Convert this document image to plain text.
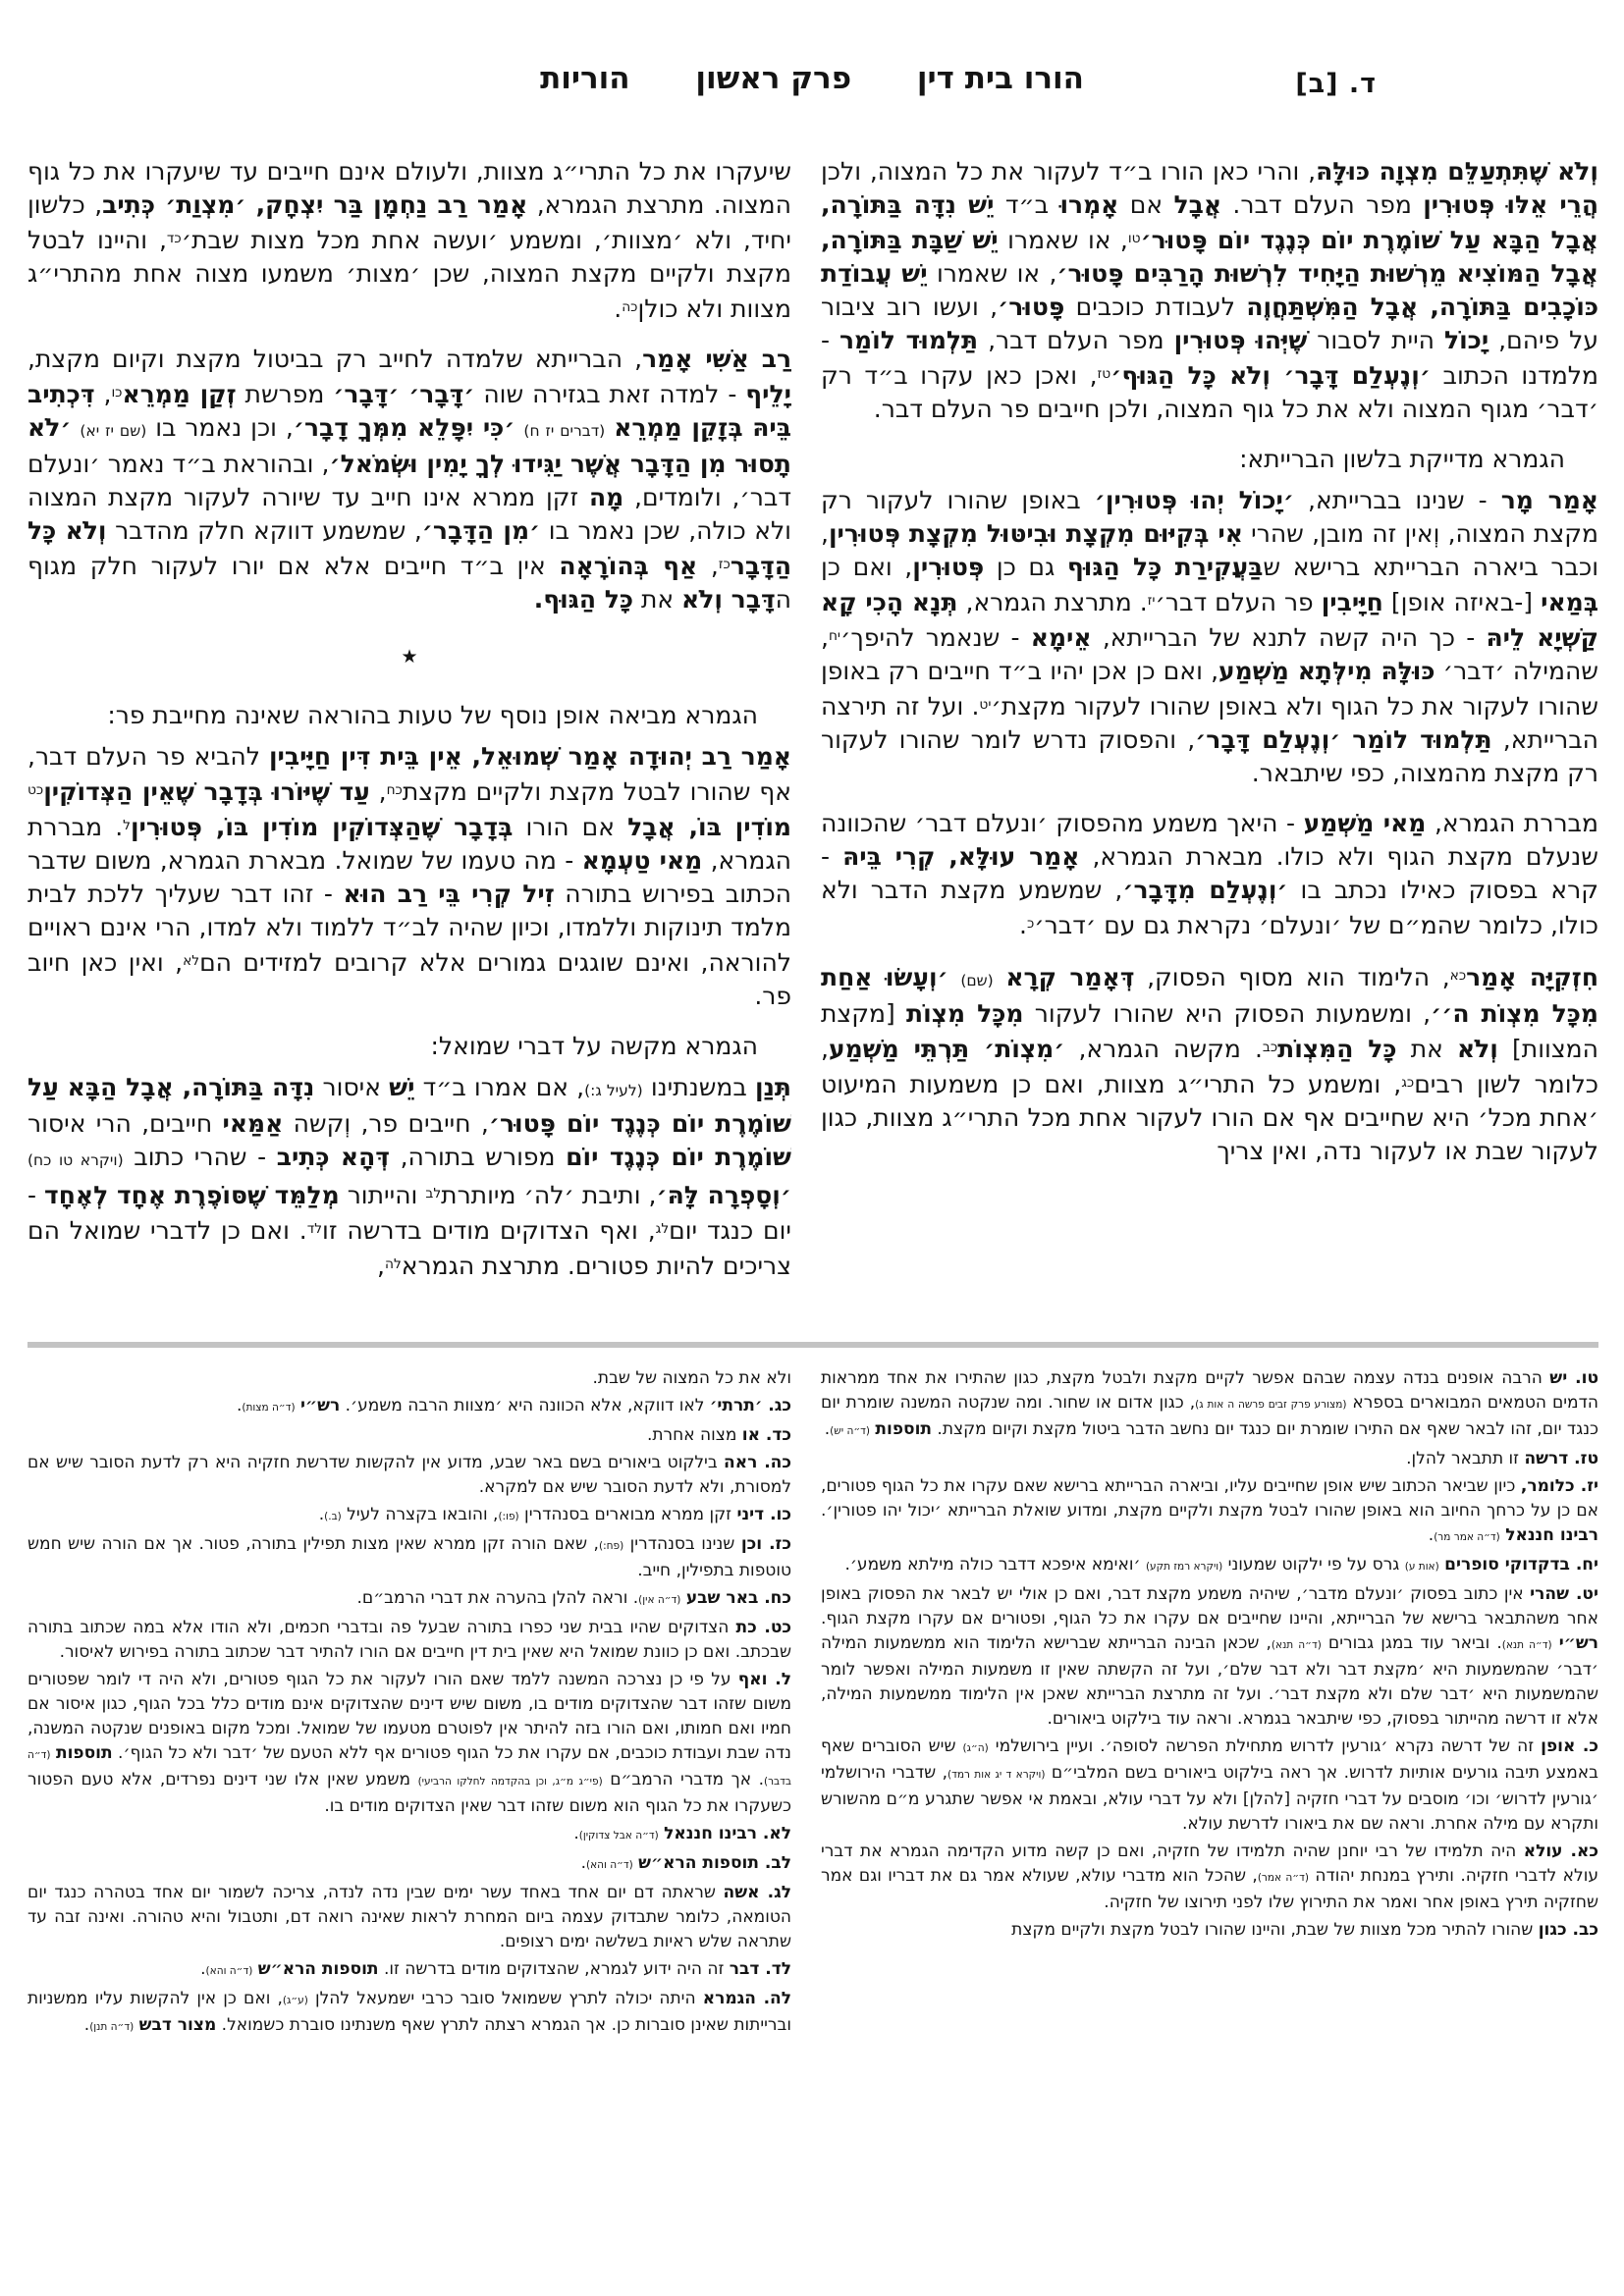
ד. [ב]
הורו בית דין פרק ראשון הוריות
וְלֹא שֶׁתִּתְעַלֵּם מִצְוָה כּוּלָּהּ, והרי כאן הורו ב״ד לעקור את כל המצוה, ולכן הֲרֵי אֵלּוּ פְּטוּרִין מפר העלם דבר. אֲבָל אם אָמְרוּ ב״ד יֵשׁ נִדָּה בַּתּוֹרָה, אֲבָל הַבָּא עַל שׁוֹמֶרֶת יוֹם כְּנֶגֶד יוֹם פָּטוּר׳$^{טו}$, או שאמרו יֵשׁ שַׁבָּת בַּתּוֹרָה, אֲבָל הַמּוֹצִיא מֵרְשׁוּת הַיָּחִיד לִרְשׁוּת הָרַבִּים פָּטוּר׳, או שאמרו יֵשׁ עֲבוֹדַת כּוֹכָבִים בַּתּוֹרָה, אֲבָל הַמִּשְׁתַּחֲוֶה לעבודת כוכבים פָּטוּר׳, ועשו רוב ציבור על פיהם, יָכוֹל היית לסבור שֶׁיְּהוּ פְּטוּרִין מפר העלם דבר, תַּלְמוּד לוֹמַר - מלמדנו הכתוב ׳וְנֶעְלַם דָּבָר׳ וְלֹא כָּל הַגּוּף׳$^{טז}$, ואכן כאן עקרו ב״ד רק ׳דבר׳ מגוף המצוה ולא את כל גוף המצוה, ולכן חייבים פר העלם דבר.
הגמרא מדייקת בלשון הברייתא:
אָמַר מָר - שנינו בברייתא, ׳יָכוֹל יְהוּ פְּטוּרִין׳ באופן שהורו לעקור רק מקצת המצוה, וְאין זה מובן, שהרי אִי בְּקִיּוּם מִקְצָת וּבִיטּוּל מִקְצָת פְּטוּרִין, וכבר ביארה הברייתא ברישא שבַּעֲקִירַת כָּל הַגּוּף גם כן פְּטוּרִין, ואם כן בְּמַאי [-באיזה אופן] חַיָּיבִין פר העלם דבר׳$^{יז}$. מתרצת הגמרא, תְּנָא הָכִי קָא קַשְׁיָא לֵיהּ - כך היה קשה לתנא של הברייתא, אֵימָא - שנאמר להיפך׳$^{יח}$, שהמילה ׳דבר׳ כּוּלָּהּ מִילְּתָא מַשְׁמַע, ואם כן אכן יהיו ב״ד חייבים רק באופן שהורו לעקור את כל הגוף ולא באופן שהורו לעקור מקצת׳$^{יט}$. ועל זה תירצה הברייתא, תַּלְמוּד לוֹמַר ׳וְנֶעְלַם דָּבָר׳, והפסוק נדרש לומר שהורו לעקור רק מקצת מהמצוה, כפי שיתבאר.
מבררת הגמרא, מַאי מַשְׁמַע - היאך משמע מהפסוק ׳ונעלם דבר׳ שהכוונה שנעלם מקצת הגוף ולא כולו. מבארת הגמרא, אָמַר עוּלָּא, קְרִי בֵּיהּ - קרא בפסוק כאילו נכתב בו ׳וְנֶעְלַם מִדָּבָר׳, שמשמע מקצת הדבר ולא כולו, כלומר שהמ״ם של ׳ונעלם׳ נקראת גם עם ׳דבר׳$^כ$.
חִזְקִיָּה אָמַר$^{כא}$, הלימוד הוא מסוף הפסוק, דְּאָמַר קְרָא (שם) ׳וְעָשׂוּ אַחַת מִכָּל מִצְוֹת ה׳׳, ומשמעות הפסוק היא שהורו לעקור מִכָּל מִצְוֹת [מקצת המצוות] וְלֹא את כָּל הַמִּצְוֹת$^{כב}$. מקשה הגמרא, ׳מִצְוֹת׳ תַּרְתֵּי מַשְׁמַע, כלומר לשון רבים$^{כג}$, ומשמע כל התרי״ג מצוות, ואם כן משמעות המיעוט ׳אחת מכל׳ היא שחייבים אף אם הורו לעקור אחת מכל התרי״ג מצוות, כגון לעקור שבת או לעקור נדה, ואין צריך
שיעקרו את כל התרי״ג מצוות, ולעולם אינם חייבים עד שיעקרו את כל גוף המצוה. מתרצת הגמרא, אָמַר רַב נַחְמָן בַּר יִצְחָק, ׳מִצְוַת׳ כְּתִיב, כלשון יחיד, ולא ׳מצוות׳, ומשמע ׳ועשה אחת מכל מצות שבת׳$^{כד}$, והיינו לבטל מקצת ולקיים מקצת המצוה, שכן ׳מצות׳ משמעו מצוה אחת מהתרי״ג מצוות ולא כולן$^{כה}$.
רַב אַשִׁי אָמַר, הברייתא שלמדה לחייב רק בביטול מקצת וקיום מקצת, יָלֵיף - למדה זאת בגזירה שוה ׳דָּבָר׳ ׳דָּבָר׳ מפרשת זְקַן מַמְרֵא$^{כו}$, דִּכְתִיב בֵּיהּ בְּזָקֵן מַמְרֵא (דברים יז ח) ׳כִּי יִפָּלֵא מִמְּךָ דָבָר׳, וכן נאמר בו (שם יז יא) ׳לֹא תָסוּר מִן הַדָּבָר אֲשֶׁר יַגִּידוּ לְךָ יָמִין וּשְׂמֹאל׳, ובהוראת ב״ד נאמר ׳ונעלם דבר׳, ולומדים, מָה זקן ממרא אינו חייב עד שיורה לעקור מקצת המצוה ולא כולה, שכן נאמר בו ׳מִן הַדָּבָר׳, שמשמע דווקא חלק מהדבר וְלֹא כָּל הַדָּבָר$^{כז}$, אַף בְּהוֹרָאָה אין ב״ד חייבים אלא אם יורו לעקור חלק מגוף הדָּבָר וְלֹא את כָּל הַגּוּף.
★
הגמרא מביאה אופן נוסף של טעות בהוראה שאינה מחייבת פר:
אָמַר רַב יְהוּדָה אָמַר שְׁמוּאֵל, אֵין בֵּית דִּין חַיָּיבִין להביא פר העלם דבר, אף שהורו לבטל מקצת ולקיים מקצת$^{כח}$, עַד שֶׁיּוֹרוּ בְּדָבָר שֶׁאֵין הַצְּדוֹקִין$^{כט}$ מוֹדִין בּוֹ, אֲבָל אם הורו בְּדָבָר שֶׁהַצְּדוֹקִין מוֹדִין בּוֹ, פְּטוּרִין$^ל$. מבררת הגמרא, מַאי טַעְמָא - מה טעמו של שמואל. מבארת הגמרא, משום שדבר הכתוב בפירוש בתורה זִיל קְרִי בֵּי רַב הוּא - זהו דבר שעליך ללכת לבית מלמד תינוקות וללמדו, וכיון שהיה לב״ד ללמוד ולא למדו, הרי אינם ראויים להוראה, ואינם שוגגים גמורים אלא קרובים למזידים הם$^{לא}$, ואין כאן חיוב פר.
הגמרא מקשה על דברי שמואל:
תְּנַן במשנתינו (לעיל ג:), אם אמרו ב״ד יֵשׁ איסור נִדָּה בַּתּוֹרָה, אֲבָל הַבָּא עַל שׁוֹמֶרֶת יוֹם כְּנֶגֶד יוֹם פָּטוּר׳, חייבים פר, וְקשה אַמַּאי חייבים, הרי איסור שׁוֹמֶרֶת יוֹם כְּנֶגֶד יוֹם מפורש בתורה, דְּהָא כְּתִיב - שהרי כתוב (ויקרא טו כח) ׳וְסָפְרָה לָּהּ׳, ותיבת ׳לה׳ מיותרת$^{לב}$ והייתור מְלַמֵּד שֶׁסּוֹפֶרֶת אֶחָד לְאֶחָד - יום כנגד יום$^{לג}$, ואף הצדוקים מודים בדרשה זו$^{לד}$. ואם כן לדברי שמואל הם צריכים להיות פטורים. מתרצת הגמרא$^{לה}$,
טו. יש הרבה אופנים בנדה עצמה שבהם אפשר לקיים מקצת ולבטל מקצת, כגון שהתירו את אחד ממראות הדמים הטמאים המבוארים בספרא (מצורע פרק זבים פרשה ה אות ג), כגון אדום או שחור. ומה שנקטה המשנה שומרת יום כנגד יום, זהו לבאר שאף אם התירו שומרת יום כנגד יום נחשב הדבר ביטול מקצת וקיום מקצת. תוספות (ד״ה יש).
טז. דרשה זו תתבאר להלן.
יז. כלומר, כיון שביאר הכתוב שיש אופן שחייבים עליו, וביארה הברייתא ברישא שאם עקרו את כל הגוף פטורים, אם כן על כרחך החיוב הוא באופן שהורו לבטל מקצת ולקיים מקצת, ומדוע שואלת הברייתא ׳יכול יהו פטורין׳. רבינו חננאל (ד״ה אמר מר).
יח. בדקדוקי סופרים (אות ע) גרס על פי ילקוט שמעוני (ויקרא רמז תקע) ׳ואימא איפכא דדבר כולה מילתא משמע׳.
יט. שהרי אין כתוב בפסוק ׳ונעלם מדבר׳, שיהיה משמע מקצת דבר, ואם כן אולי יש לבאר את הפסוק באופן אחר משהתבאר ברישא של הברייתא, והיינו שחייבים אם עקרו את כל הגוף, ופטורים אם עקרו מקצת הגוף. רש״י (ד״ה תנא). וביאר עוד במגן גבורים (ד״ה תנא), שכאן הבינה הברייתא שברישא הלימוד הוא ממשמעות המילה ׳דבר׳ שהמשמעות היא ׳מקצת דבר ולא דבר שלם׳, ועל זה הקשתה שאין זו משמעות המילה ואפשר לומר שהמשמעות היא ׳דבר שלם ולא מקצת דבר׳. ועל זה מתרצת הברייתא שאכן אין הלימוד ממשמעות המילה, אלא זו דרשה מהייתור בפסוק, כפי שיתבאר בגמרא. וראה עוד בילקוט ביאורים.
כ. אופן זה של דרשה נקרא ׳גורעין לדרוש מתחילת הפרשה לסופה׳. ועיין בירושלמי (ה״ג) שיש הסוברים שאף באמצע תיבה גורעים אותיות לדרוש. אך ראה בילקוט ביאורים בשם המלבי״ם (ויקרא ד יג אות רמד), שדברי הירושלמי ׳גורעין לדרוש׳ וכו׳ מוסבים על דברי חזקיה [להלן] ולא על דברי עולא, ובאמת אי אפשר שתגרע מ״ם מהשורש ותקרא עם מילה אחרת. וראה שם את ביאורו לדרשת עולא.
כא. עולא היה תלמידו של רבי יוחנן שהיה תלמידו של חזקיה, ואם כן קשה מדוע הקדימה הגמרא את דברי עולא לדברי חזקיה. ותירץ במנחת יהודה (ד״ה אמר), שהכל הוא מדברי עולא, שעולא אמר גם את דבריו וגם אמר שחזקיה תירץ באופן אחר ואמר את התירוץ שלו לפני תירוצו של חזקיה.
כב. כגון שהורו להתיר מכל מצוות של שבת, והיינו שהורו לבטל מקצת ולקיים מקצת
ולא את כל המצוה של שבת.
כג. ׳תרתי׳ לאו דווקא, אלא הכוונה היא ׳מצוות הרבה משמע׳. רש״י (ד״ה מצות).
כד. או מצוה אחרת.
כה. ראה בילקוט ביאורים בשם באר שבע, מדוע אין להקשות שדרשת חזקיה היא רק לדעת הסובר שיש אם למסורת, ולא לדעת הסובר שיש אם למקרא.
כו. דיני זקן ממרא מבוארים בסנהדרין (פו:), והובאו בקצרה לעיל (ב.).
כז. וכן שנינו בסנהדרין (פח:), שאם הורה זקן ממרא שאין מצות תפילין בתורה, פטור. אך אם הורה שיש חמש טוטפות בתפילין, חייב.
כח. באר שבע (ד״ה אין). וראה להלן בהערה את דברי הרמב״ם.
כט. כת הצדוקים שהיו בבית שני כפרו בתורה שבעל פה ובדברי חכמים, ולא הודו אלא במה שכתוב בתורה שבכתב. ואם כן כוונת שמואל היא שאין בית דין חייבים אם הורו להתיר דבר שכתוב בתורה בפירוש לאיסור.
ל. ואף על פי כן נצרכה המשנה ללמד שאם הורו לעקור את כל הגוף פטורים, ולא היה די לומר שפטורים משום שזהו דבר שהצדוקים מודים בו, משום שיש דינים שהצדוקים אינם מודים כלל בכל הגוף, כגון איסור אם חמיו ואם חמותו, ואם הורו בזה להיתר אין לפוטרם מטעמו של שמואל. ומכל מקום באופנים שנקטה המשנה, נדה שבת ועבודת כוכבים, אם עקרו את כל הגוף פטורים אף ללא הטעם של ׳דבר ולא כל הגוף׳. תוספות (ד״ה בדבר). אך מדברי הרמב״ם (פי״ג מ״ג, וכן בהקדמה לחלקו הרביעי) משמע שאין אלו שני דינים נפרדים, אלא טעם הפטור כשעקרו את כל הגוף הוא משום שזהו דבר שאין הצדוקים מודים בו.
לא. רבינו חננאל (ד״ה אבל צדוקין).
לב. תוספות הרא״ש (ד״ה והא).
לג. אשה שראתה דם יום אחד באחד עשר ימים שבין נדה לנדה, צריכה לשמור יום אחד בטהרה כנגד יום הטומאה, כלומר שתבדוק עצמה ביום המחרת לראות שאינה רואה דם, ותטבול והיא טהורה. ואינה זבה עד שתראה שלש ראיות בשלשה ימים רצופים.
לד. דבר זה היה ידוע לגמרא, שהצדוקים מודים בדרשה זו. תוספות הרא״ש (ד״ה והא).
לה. הגמרא היתה יכולה לתרץ ששמואל סובר כרבי ישמעאל להלן (ע״ג), ואם כן אין להקשות עליו ממשניות וברייתות שאינן סוברות כן. אך הגמרא רצתה לתרץ שאף משנתינו סוברת כשמואל. מצור דבש (ד״ה תנן).
